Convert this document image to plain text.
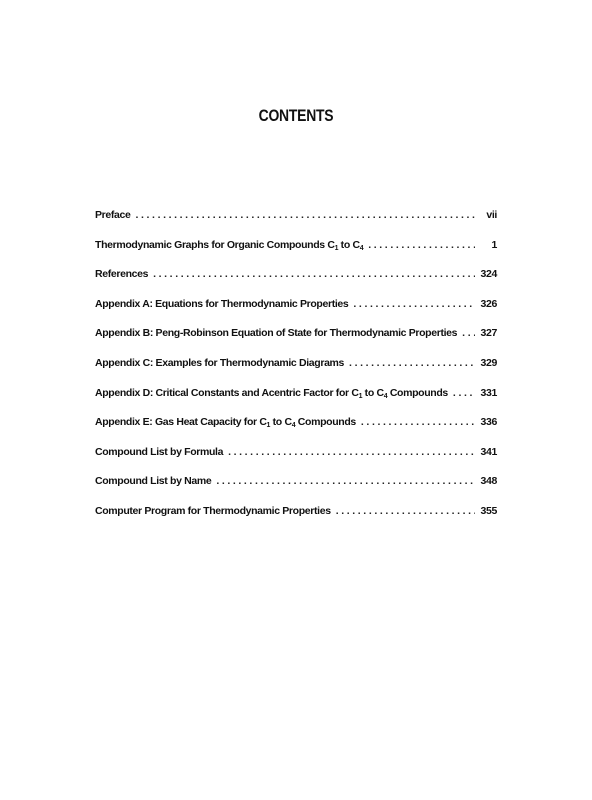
CONTENTS
Preface .....	vii
Thermodynamic Graphs for Organic Compounds $C_1$ to $C_4$ .....	1
References .....	324
Appendix A: Equations for Thermodynamic Properties .....	326
Appendix B: Peng-Robinson Equation of State for Thermodynamic Properties ..... 327
Appendix C: Examples for Thermodynamic Diagrams .....	329
Appendix D: Critical Constants and Acentric Factor for $C_1$ to $C_4$ Compounds .....	331
Appendix E: Gas Heat Capacity for $C_1$ to $C_4$ Compounds .....	336
Compound List by Formula .....	341
Compound List by Name .....	348
Computer Program for Thermodynamic Properties .....	355
